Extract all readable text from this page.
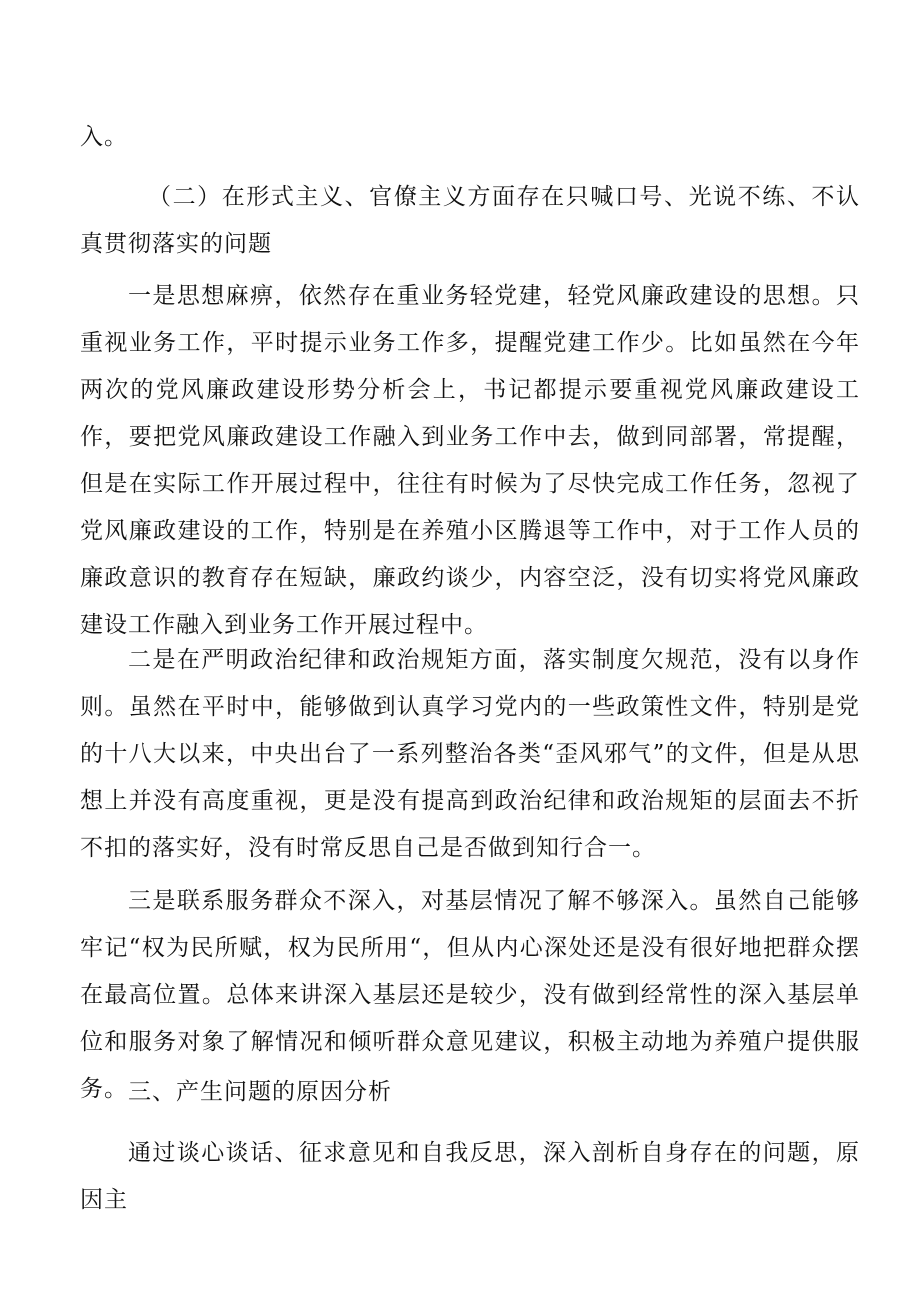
入。

（二）在形式主义、官僚主义方面存在只喊口号、光说不练、不认真贯彻落实的问题

一是思想麻痹，依然存在重业务轻党建，轻党风廉政建设的思想。只重视业务工作，平时提示业务工作多，提醒党建工作少。比如虽然在今年两次的党风廉政建设形势分析会上，书记都提示要重视党风廉政建设工作，要把党风廉政建设工作融入到业务工作中去，做到同部署，常提醒，但是在实际工作开展过程中，往往有时候为了尽快完成工作任务，忽视了党风廉政建设的工作，特别是在养殖小区腾退等工作中，对于工作人员的廉政意识的教育存在短缺，廉政约谈少，内容空泛，没有切实将党风廉政建设工作融入到业务工作开展过程中。

二是在严明政治纪律和政治规矩方面，落实制度欠规范，没有以身作则。虽然在平时中，能够做到认真学习党内的一些政策性文件，特别是党的十八大以来，中央出台了一系列整治各类“歪风邪气”的文件，但是从思想上并没有高度重视，更是没有提高到政治纪律和政治规矩的层面去不折不扣的落实好，没有时常反思自己是否做到知行合一。

三是联系服务群众不深入，对基层情况了解不够深入。虽然自己能够牢记“权为民所赋，权为民所用“，但从内心深处还是没有很好地把群众摆在最高位置。总体来讲深入基层还是较少，没有做到经常性的深入基层单位和服务对象了解情况和倾听群众意见建议，积极主动地为养殖户提供服务。 三、产生问题的原因分析

通过谈心谈话、征求意见和自我反思，深入剖析自身存在的问题，原因主
